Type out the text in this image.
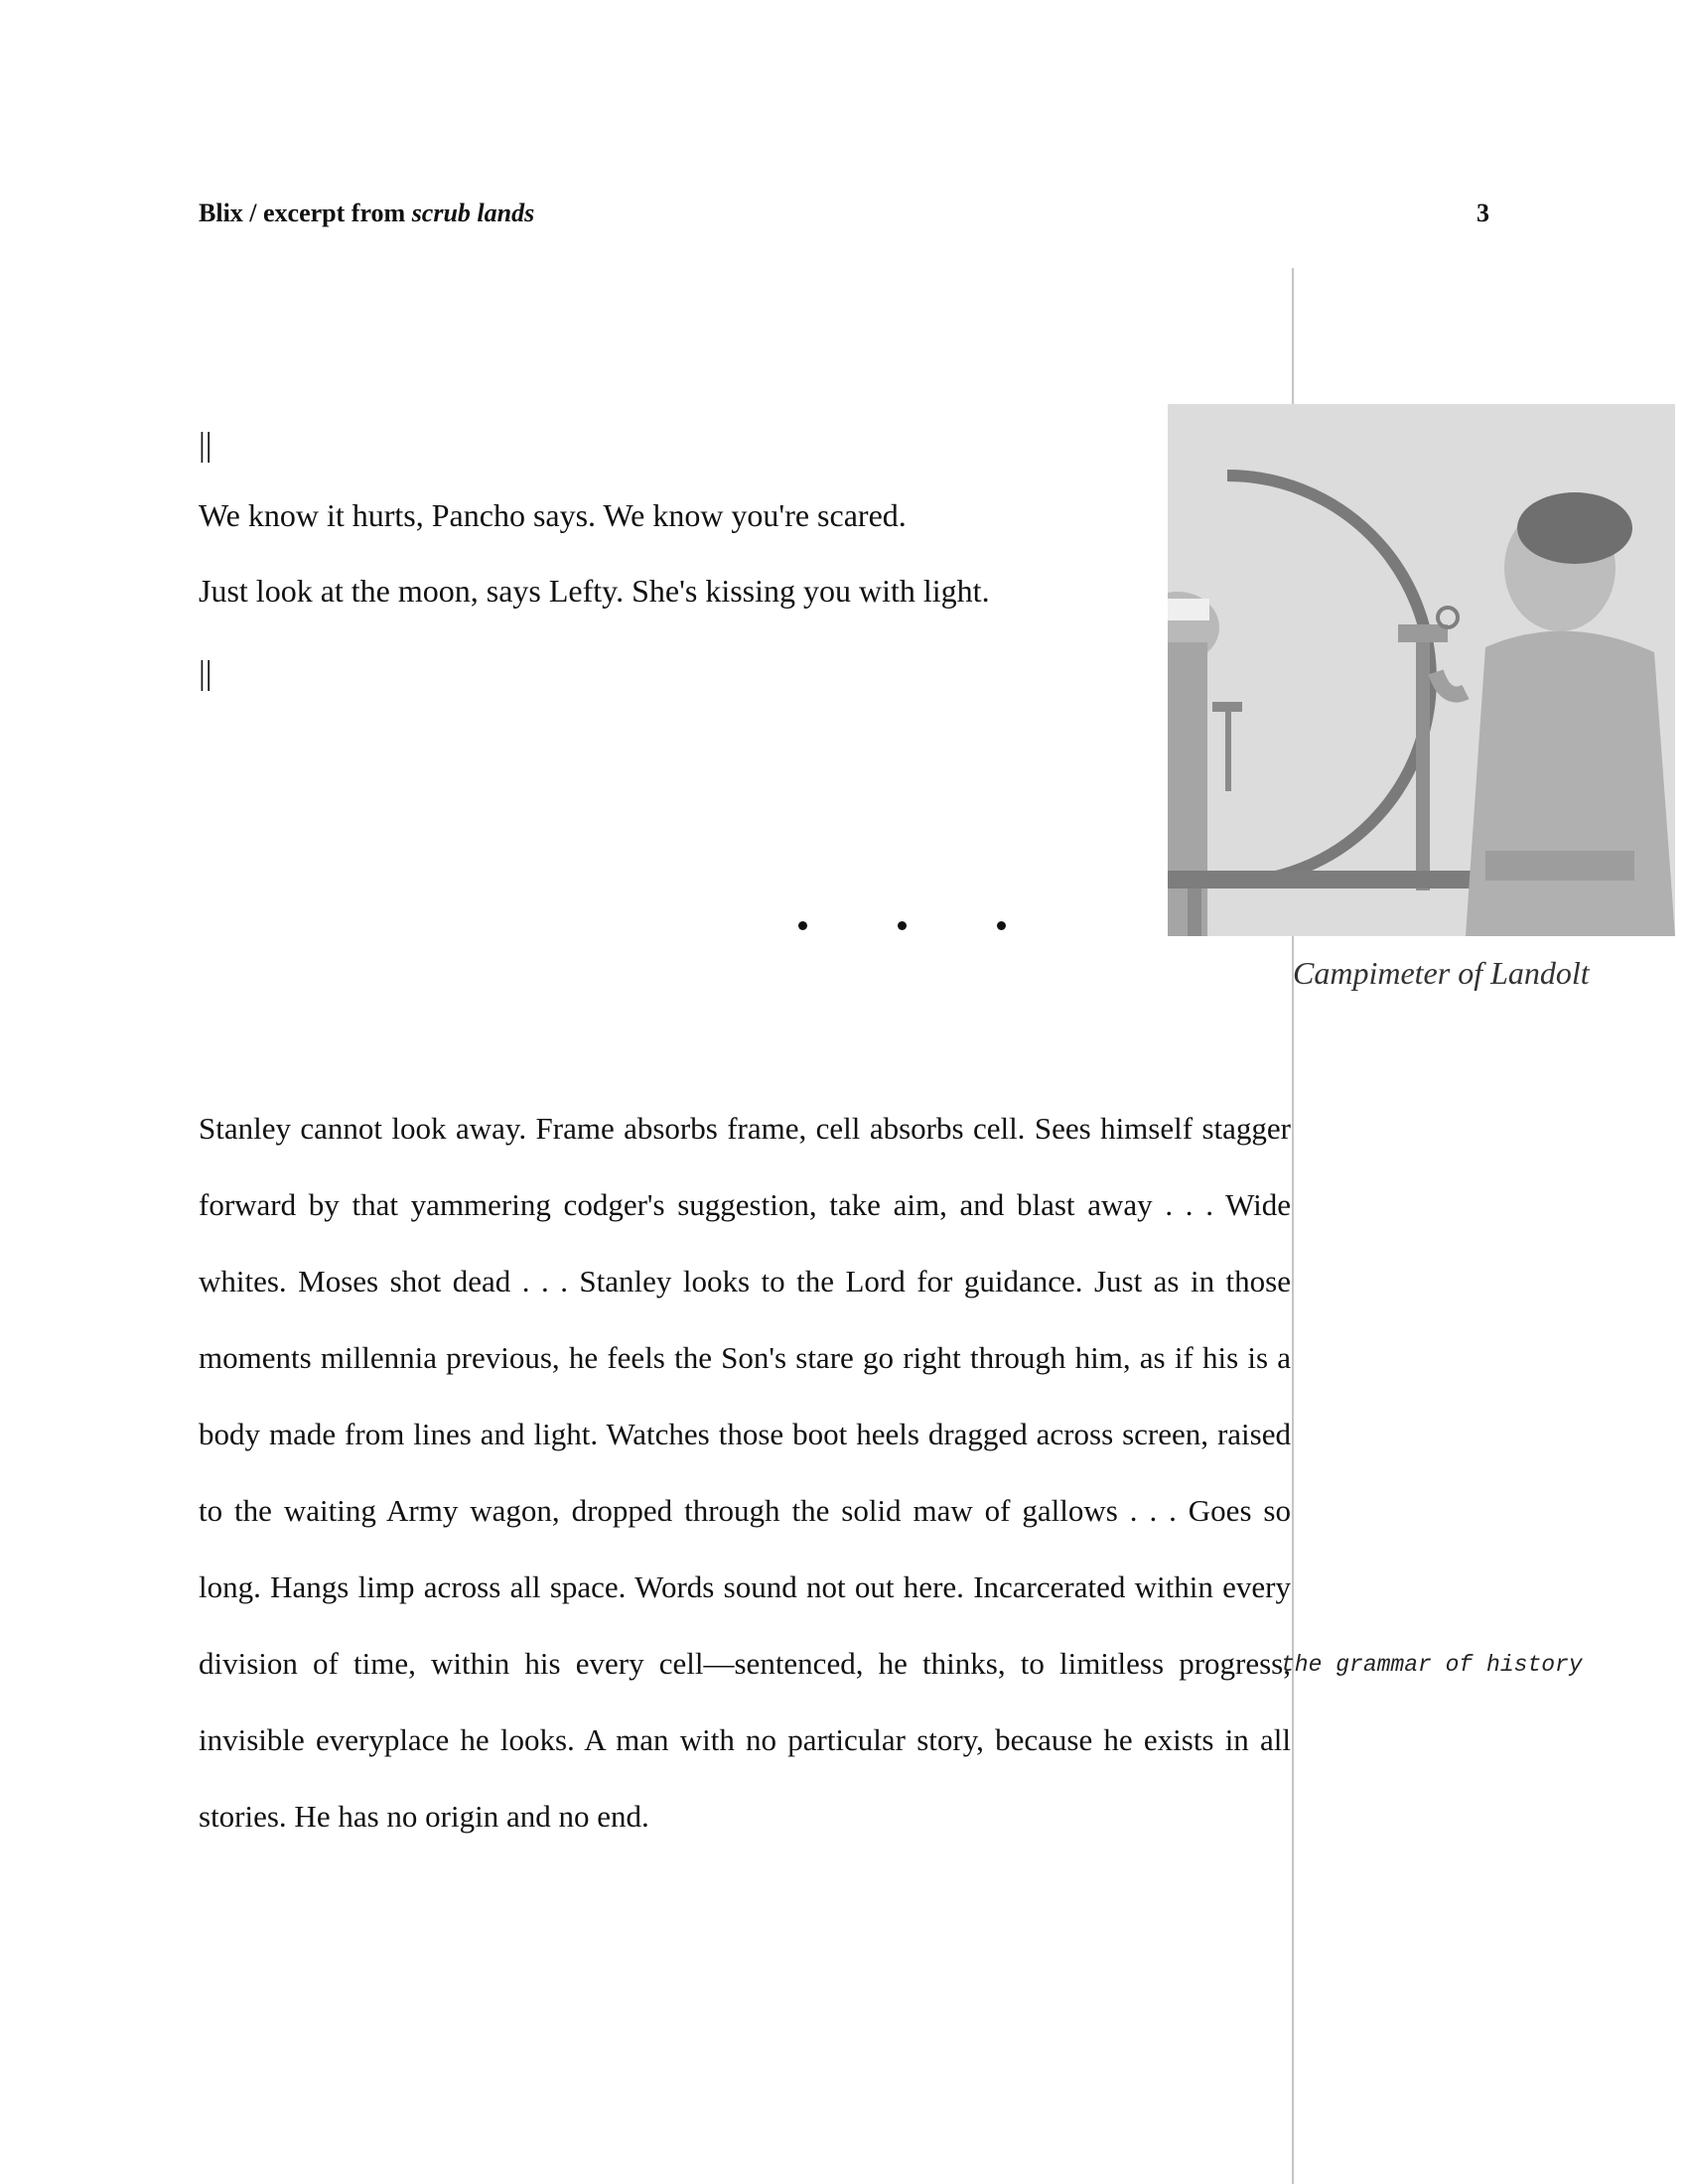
Blix / excerpt from scrub lands	3
||
We know it hurts, Pancho says. We know you're scared.
Just look at the moon, says Lefty. She's kissing you with light.
||
Campimeter of Landolt
Stanley cannot look away. Frame absorbs frame, cell absorbs cell. Sees himself stagger forward by that yammering codger's suggestion, take aim, and blast away . . . Wide whites. Moses shot dead . . . Stanley looks to the Lord for guidance. Just as in those moments millennia previous, he feels the Son's stare go right through him, as if his is a body made from lines and light. Watches those boot heels dragged across screen, raised to the waiting Army wagon, dropped through the solid maw of gallows . . . Goes so long. Hangs limp across all space. Words sound not out here. Incarcerated within every division of time, within his every cell—sentenced, he thinks, to limitless progress, invisible everyplace he looks. A man with no particular story, because he exists in all stories. He has no origin and no end.
the grammar of history
